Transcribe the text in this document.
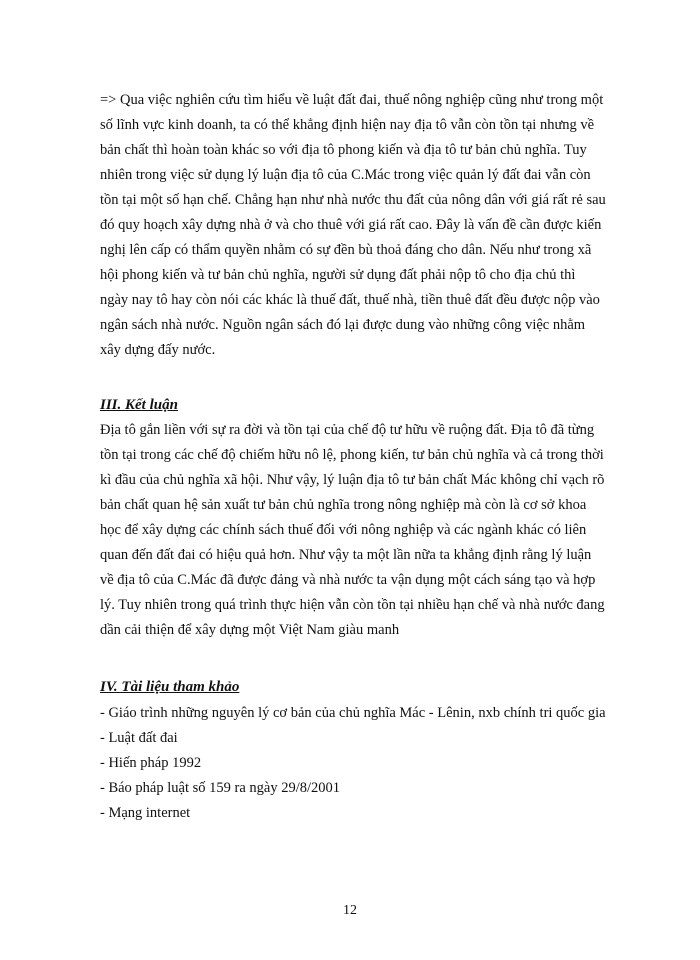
=> Qua việc nghiên cứu tìm hiểu về luật đất đai, thuế nông nghiệp cũng như trong một
số lĩnh vực kinh doanh, ta có thể khẳng định hiện nay địa tô vẫn còn tồn tại nhưng về
bản chất thì hoàn toàn khác so với địa tô phong kiến và địa tô tư bản chủ nghĩa. Tuy
nhiên trong việc sử dụng lý luận địa tô của C.Mác trong việc quản lý đất đai vẫn còn
tồn tại một số hạn chế. Chẳng hạn như nhà nước thu đất của nông dân với giá rất rẻ sau
đó quy hoạch xây dựng nhà ở và cho thuê với giá rất cao. Đây là vấn đề cần được kiến
nghị lên cấp có thẩm quyền nhằm có sự đền bù thoả đáng cho dân. Nếu như trong xã
hội phong kiến và tư bản chủ nghĩa, người sử dụng đất phải nộp tô cho địa chủ thì
ngày nay tô hay còn nói các khác là thuế đất, thuế nhà, tiền thuê đất đều được nộp vào
ngân sách nhà nước. Nguồn ngân sách đó lại được dung vào những công việc nhằm
xây dựng đấy nước.
III. Kết luận
Địa tô gắn liền với sự ra đời và tồn tại của chế độ tư hữu về ruộng đất. Địa tô đã từng
tồn tại trong các chế độ chiếm hữu nô lệ, phong kiến, tư bản chủ nghĩa và cả trong thời
kì đầu của chủ nghĩa xã hội. Như vậy, lý luận địa tô tư bản chất Mác không chỉ vạch rõ
bản chất quan hệ sản xuất tư bản chủ nghĩa trong nông nghiệp mà còn là cơ sở khoa
học để xây dựng các chính sách thuế đối với nông nghiệp và các ngành khác có liên
quan đến đất đai có hiệu quả hơn. Như vậy ta một lần nữa ta khẳng định rằng lý luận
về địa tô của C.Mác đã được đảng và nhà nước ta vận dụng một cách sáng tạo và hợp
lý. Tuy nhiên trong quá trình thực hiện vẫn còn tồn tại nhiều hạn chế và nhà nước đang
dần cải thiện để xây dựng một Việt Nam giàu manh
IV. Tài liệu tham khảo
- Giáo trình những nguyên lý cơ bản của chủ nghĩa Mác - Lênin, nxb chính tri quốc gia
- Luật đất đai
- Hiến pháp 1992
- Báo pháp luật số 159 ra ngày 29/8/2001
- Mạng internet
12
